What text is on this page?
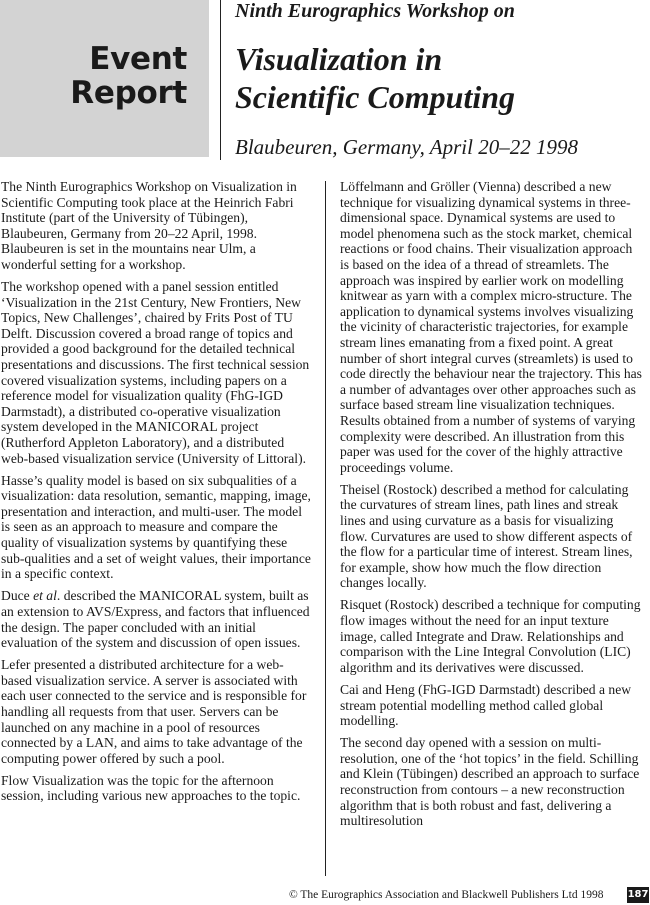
Event
Report
Ninth Eurographics Workshop on
Visualization in
Scientific Computing
Blaubeuren, Germany, April 20–22 1998

The Ninth Eurographics Workshop on Visualization in Scientific Computing took place at the Heinrich Fabri Institute (part of the University of Tübingen), Blaubeuren, Germany from 20–22 April, 1998. Blaubeuren is set in the mountains near Ulm, a wonderful setting for a workshop.

The workshop opened with a panel session entitled ‘Visualization in the 21st Century, New Frontiers, New Topics, New Challenges’, chaired by Frits Post of TU Delft. Discussion covered a broad range of topics and provided a good background for the detailed technical presentations and discussions. The first technical session covered visualization systems, including papers on a reference model for visualization quality (FhG-IGD Darmstadt), a distributed co-operative visualization system developed in the MANICORAL project (Rutherford Appleton Laboratory), and a distributed web-based visualization service (University of Littoral).

Hasse’s quality model is based on six subqualities of a visualization: data resolution, semantic, mapping, image, presentation and interaction, and multi-user. The model is seen as an approach to measure and compare the quality of visualization systems by quantifying these sub-qualities and a set of weight values, their importance in a specific context.

Duce et al. described the MANICORAL system, built as an extension to AVS/Express, and factors that influenced the design. The paper concluded with an initial evaluation of the system and discussion of open issues.

Lefer presented a distributed architecture for a web-based visualization service. A server is associated with each user connected to the service and is responsible for handling all requests from that user. Servers can be launched on any machine in a pool of resources connected by a LAN, and aims to take advantage of the computing power offered by such a pool.

Flow Visualization was the topic for the afternoon session, including various new approaches to the topic.

Löffelmann and Gröller (Vienna) described a new technique for visualizing dynamical systems in three-dimensional space. Dynamical systems are used to model phenomena such as the stock market, chemical reactions or food chains. Their visualization approach is based on the idea of a thread of streamlets. The approach was inspired by earlier work on modelling knitwear as yarn with a complex micro-structure. The application to dynamical systems involves visualizing the vicinity of characteristic trajectories, for example stream lines emanating from a fixed point. A great number of short integral curves (streamlets) is used to code directly the behaviour near the trajectory. This has a number of advantages over other approaches such as surface based stream line visualization techniques. Results obtained from a number of systems of varying complexity were described. An illustration from this paper was used for the cover of the highly attractive proceedings volume.

Theisel (Rostock) described a method for calculating the curvatures of stream lines, path lines and streak lines and using curvature as a basis for visualizing flow. Curvatures are used to show different aspects of the flow for a particular time of interest. Stream lines, for example, show how much the flow direction changes locally.

Risquet (Rostock) described a technique for computing flow images without the need for an input texture image, called Integrate and Draw. Relationships and comparison with the Line Integral Convolution (LIC) algorithm and its derivatives were discussed.

Cai and Heng (FhG-IGD Darmstadt) described a new stream potential modelling method called global modelling.

The second day opened with a session on multi-resolution, one of the ‘hot topics’ in the field. Schilling and Klein (Tübingen) described an approach to surface reconstruction from contours – a new reconstruction algorithm that is both robust and fast, delivering a multiresolution

© The Eurographics Association and Blackwell Publishers Ltd 1998 187
